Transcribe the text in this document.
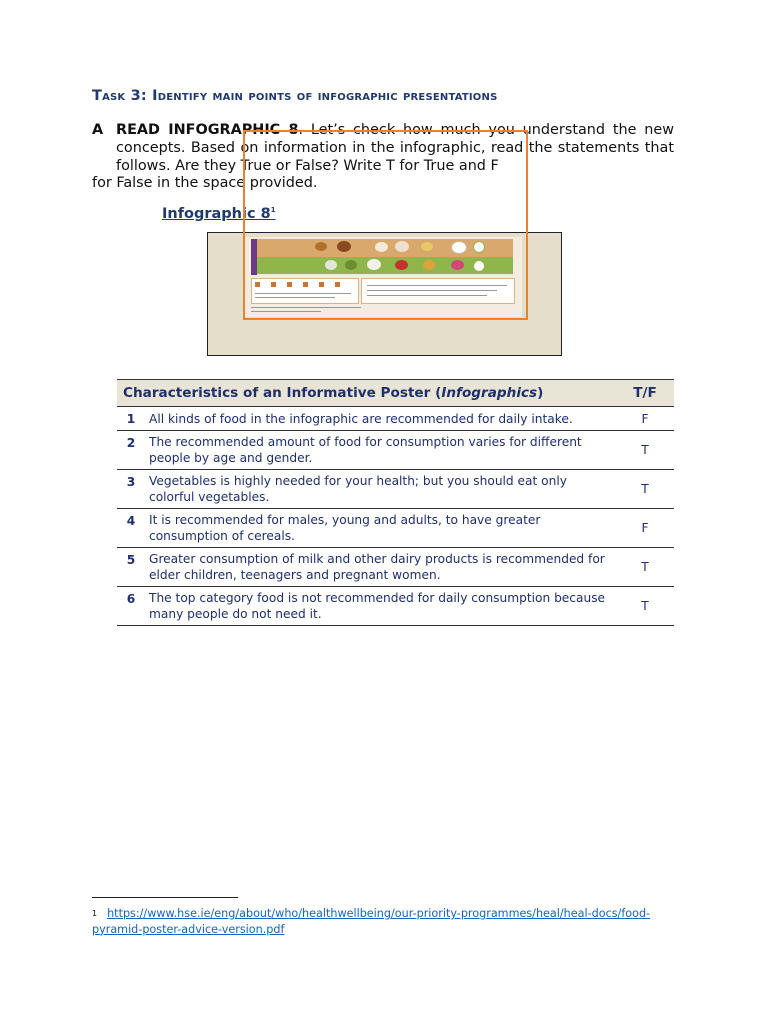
Task 3: Identify main points of infographic presentations
A READ INFOGRAPHIC 8. Let’s check how much you understand the new concepts. Based on information in the infographic, read the statements that follows. Are they True or False? Write T for True and F
for False in the space provided.
Infographic $8^1$
Characteristics of an Informative Poster (Infographics)		T/F
1	All kinds of food in the infographic are recommended for daily intake.	F
2	The recommended amount of food for consumption varies for different people by age and gender.	T
3	Vegetables is highly needed for your health; but you should eat only colorful vegetables.	T
4	It is recommended for males, young and adults, to have greater consumption of cereals.	F
5	Greater consumption of milk and other dairy products is recommended for elder children, teenagers and pregnant women.	T
6	The top category food is not recommended for daily consumption because many people do not need it.	T
$^1$ https://www.hse.ie/eng/about/who/healthwellbeing/our-priority-programmes/heal/heal-docs/food-pyramid-poster-advice-version.pdf
